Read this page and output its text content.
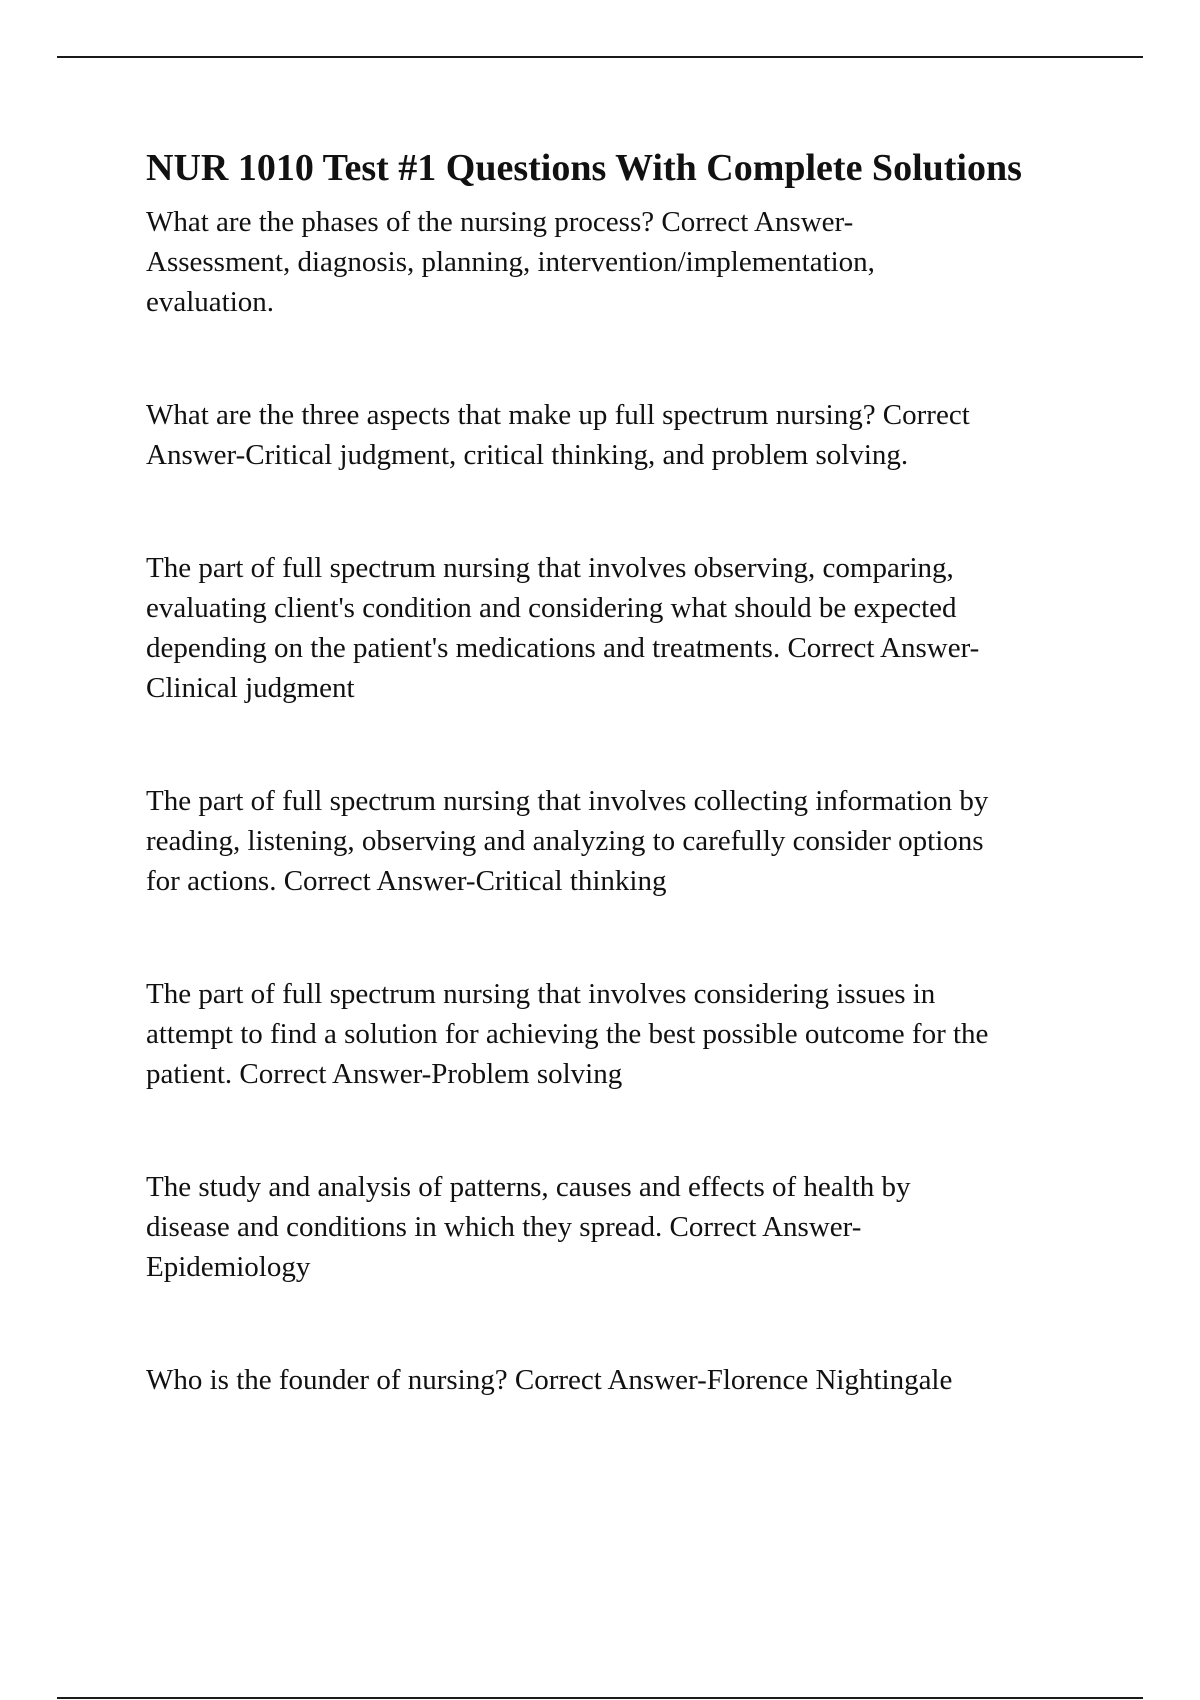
NUR 1010 Test #1 Questions With Complete Solutions

What are the phases of the nursing process? Correct Answer-
Assessment, diagnosis, planning, intervention/implementation,
evaluation.

What are the three aspects that make up full spectrum nursing? Correct
Answer-Critical judgment, critical thinking, and problem solving.

The part of full spectrum nursing that involves observing, comparing,
evaluating client's condition and considering what should be expected
depending on the patient's medications and treatments. Correct Answer-
Clinical judgment

The part of full spectrum nursing that involves collecting information by
reading, listening, observing and analyzing to carefully consider options
for actions. Correct Answer-Critical thinking

The part of full spectrum nursing that involves considering issues in
attempt to find a solution for achieving the best possible outcome for the
patient. Correct Answer-Problem solving

The study and analysis of patterns, causes and effects of health by
disease and conditions in which they spread. Correct Answer-
Epidemiology

Who is the founder of nursing? Correct Answer-Florence Nightingale
